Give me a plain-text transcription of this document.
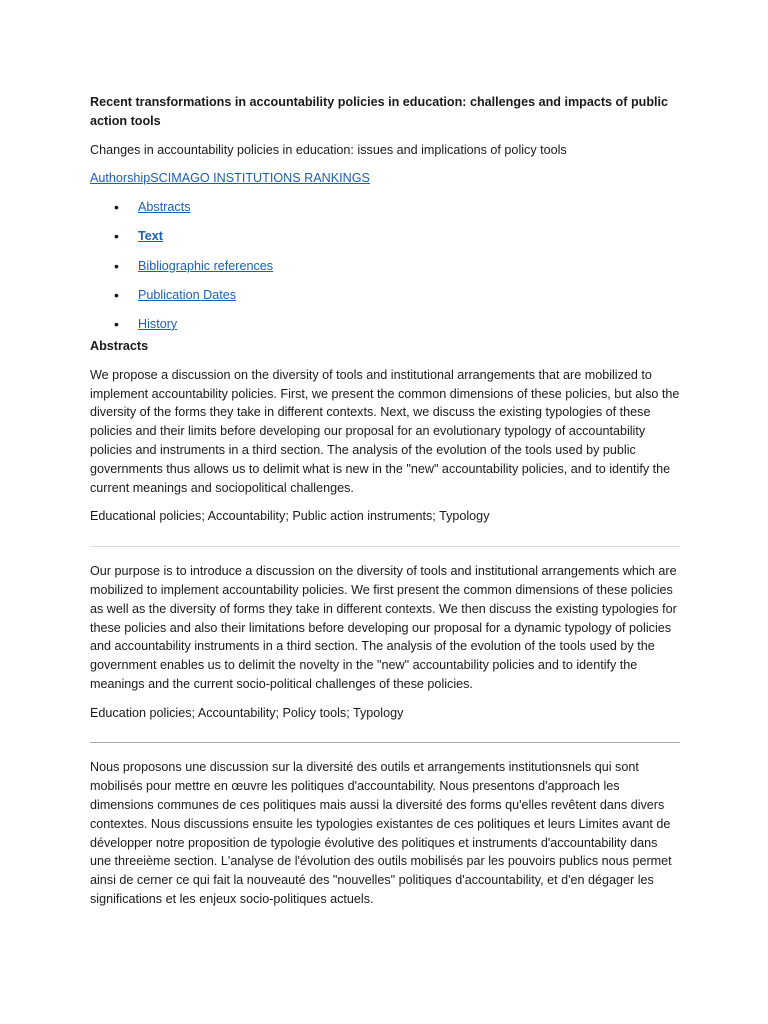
Recent transformations in accountability policies in education: challenges and impacts of public action tools

Changes in accountability policies in education: issues and implications of policy tools

AuthorshipSCIMAGO INSTITUTIONS RANKINGS

• Abstracts
• Text
• Bibliographic references
• Publication Dates
• History

Abstracts

We propose a discussion on the diversity of tools and institutional arrangements that are mobilized to implement accountability policies. First, we present the common dimensions of these policies, but also the diversity of the forms they take in different contexts. Next, we discuss the existing typologies of these policies and their limits before developing our proposal for an evolutionary typology of accountability policies and instruments in a third section. The analysis of the evolution of the tools used by public governments thus allows us to delimit what is new in the "new" accountability policies, and to identify the current meanings and sociopolitical challenges.

Educational policies; Accountability; Public action instruments; Typology

Our purpose is to introduce a discussion on the diversity of tools and institutional arrangements which are mobilized to implement accountability policies. We first present the common dimensions of these policies as well as the diversity of forms they take in different contexts. We then discuss the existing typologies for these policies and also their limitations before developing our proposal for a dynamic typology of policies and accountability instruments in a third section. The analysis of the evolution of the tools used by the government enables us to delimit the novelty in the "new" accountability policies and to identify the meanings and the current socio-political challenges of these policies.

Education policies; Accountability; Policy tools; Typology

Nous proposons une discussion sur la diversité des outils et arrangements institutionsnels qui sont mobilisés pour mettre en œuvre les politiques d'accountability. Nous presentons d'approach les dimensions communes de ces politiques mais aussi la diversité des forms qu'elles revêtent dans divers contextes. Nous discussions ensuite les typologies existantes de ces politiques et leurs Limites avant de développer notre proposition de typologie évolutive des politiques et instruments d'accountability dans une threeième section. L'analyse de l'évolution des outils mobilisés par les pouvoirs publics nous permet ainsi de cerner ce qui fait la nouveauté des "nouvelles" politiques d'accountability, et d'en dégager les significations et les enjeux socio-politiques actuels.
